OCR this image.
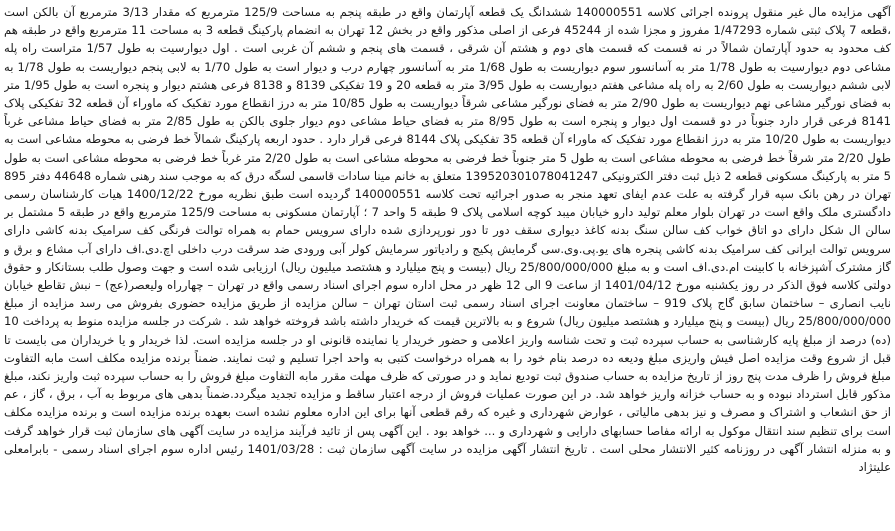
آگهی مزایده مال غیر منقول پرونده اجرائی کلاسه 140000551 ششدانگ یک قطعه آپارتمان واقع در طبقه پنجم به مساحت 125/9 مترمربع که مقدار 3/13 مترمربع آن بالکن است ،قطعه 7 پلاک ثبتی شماره 1/47293 مفروز و مجزا شده از 45244 فرعی از اصلی مذکور واقع در بخش 12 تهران به انضمام پارکینگ قطعه 3 به مساحت 11 مترمربع واقع در طبقه هم کف محدود به حدود آپارتمان شمالاً در نه قسمت که قسمت های دوم و هشتم آن شرقی ، قسمت های پنجم و ششم آن غربی است . اول دیوارسیت به طول 1/57 متراست راه پله مشاعی دوم دیوارسیت به طول 1/78 متر به آسانسور سوم دیواریست به طول 1/68 متر به آسانسور چهارم درب و دیوار است به طول 1/70 به لابی پنجم دیواریست به طول 1/78 به لابی ششم دیواریست به طول 2/60 به راه پله مشاعی هفتم دیواریست به طول 3/95 متر به قطعه 20 و 19 تفکیکی 8139 و 8138 فرعی هشتم دیوار و پنجره است به طول 1/95 متر به فضای نورگیر مشاعی نهم دیواریست به طول 2/90 متر به فضای نورگیر مشاعی شرقاً دیواریست به طول 10/85 متر به درز انقطاع مورد تفکیک که ماوراء آن قطعه 32 تفکیکی پلاک 8141 فرعی قرار دارد جنوباً در دو قسمت اول دیوار و پنجره است به طول 8/95 متر به فضای حیاط مشاعی دوم دیوار جلوی بالکن به طول 2/85 متر به فضای حیاط مشاعی غرباً دیواریست به طول 10/20 متر به درز انقطاع مورد تفکیک که ماوراء آن قطعه 35 تفکیکی پلاک 8144 فرعی قرار دارد . حدود اربعه پارکینگ شمالاً خط فرضی به محوطه مشاعی است به طول 2/20 متر شرقاً خط فرضی به محوطه مشاعی است به طول 5 متر جنوباً خط فرضی به محوطه مشاعی است به طول 2/20 متر غرباً خط فرضی به محوطه مشاعی است به طول 5 متر به پارکینگ مسکونی قطعه 2 ذیل ثبت دفتر الکترونیکی 139520301078041247 متعلق به خانم مینا سادات قاسمی لسگه درق که به موجب سند رهنی شماره 44648 دفتر 895 تهران در رهن بانک سپه قرار گرفته به علت عدم ایفای تعهد منجر به صدور اجرائیه تحت کلاسه 140000551 گردیده است طبق نظریه مورخ 1400/12/22 هیات کارشناسان رسمی دادگستری ملک واقع است در تهران بلوار معلم تولید دارو خیابان میبد کوچه اسلامی پلاک 9 طبقه 5 واحد 7 ؛ آپارتمان مسکونی به مساحت 125/9 مترمربع واقع در طبقه 5 مشتمل بر سالن ال شکل دارای دو اتاق خواب کف سالن سنگ بدنه کاغذ دیواری سقف دور تا دور نورپردازی شده دارای سرویس حمام به همراه توالت فرنگی کف سرامیک بدنه کاشی دارای سرویس توالت ایرانی کف سرامیک بدنه کاشی پنجره های یو.پی.وی.سی گرمایش پکیج و رادیاتور سرمایش کولر آبی ورودی ضد سرقت درب داخلی اچ.دی.اف دارای آب مشاع و برق و گاز مشترک آشپزخانه با کابینت ام.دی.اف است و به مبلغ 25/800/000/000 ریال (بیست و پنج میلیارد و هشتصد میلیون ریال) ارزیابی شده است و جهت وصول طلب بستانکار و حقوق دولتی کلاسه فوق الذکر در روز یکشنبه مورخ 1401/04/12 از ساعت 9 الی 12 ظهر در محل اداره سوم اجرای اسناد رسمی واقع در تهران – چهارراه ولیعصر(عج) – نبش تقاطع خیابان نایب انصاری – ساختمان سابق گاج پلاک 919 – ساختمان معاونت اجرای اسناد رسمی ثبت استان تهران – سالن مزایده از طریق مزایده حضوری بفروش می رسد مزایده از مبلغ 25/800/000/000 ریال (بیست و پنج میلیارد و هشتصد میلیون ریال) شروع و به بالاترین قیمت که خریدار داشته باشد فروخته خواهد شد . شرکت در جلسه مزایده منوط به پرداخت 10 (ده) درصد از مبلغ پایه کارشناسی به حساب سپرده ثبت و تحت شناسه واریز اعلامی و حضور خریدار یا نماینده قانونی او در جلسه مزایده است. لذا خریدار و یا خریداران می بایست تا قبل از شروع وقت مزایده اصل فیش واریزی مبلغ ودیعه ده درصد بنام خود را به همراه درخواست کتبی به واحد اجرا تسلیم و ثبت نمایند. ضمناً برنده مزایده مکلف است مابه التفاوت مبلغ فروش را ظرف مدت پنج روز از تاریخ مزایده به حساب صندوق ثبت تودیع نماید و در صورتی که ظرف مهلت مقرر مابه التفاوت مبلغ فروش را به حساب سپرده ثبت واریز نکند، مبلغ مذکور قابل استرداد نبوده و به حساب خزانه واریز خواهد شد. در این صورت عملیات فروش از درجه اعتبار ساقط و مزایده تجدید میگردد.ضمناً بدهی های مربوط به آب ، برق ، گاز ، عم از حق انشعاب و اشتراک و مصرف و نیز بدهی مالیاتی ، عوارض شهرداری و غیره که رقم قطعی آنها برای این اداره معلوم نشده است بعهده برنده مزایده است و برنده مزایده مکلف است برای تنظیم سند انتقال موکول به ارائه مفاصا حسابهای دارایی و شهرداری و ... خواهد بود . این آگهی پس از تائید فرآیند مزایده در سایت آگهی های سازمان ثبت قرار خواهد گرفت و به منزله انتشار آگهی در روزنامه کثیر الانتشار محلی است . تاریخ انتشار آگهی مزایده در سایت آگهی سازمان ثبت : 1401/03/28 رئیس اداره سوم اجرای اسناد رسمی - بابرامعلی علیتژاد
